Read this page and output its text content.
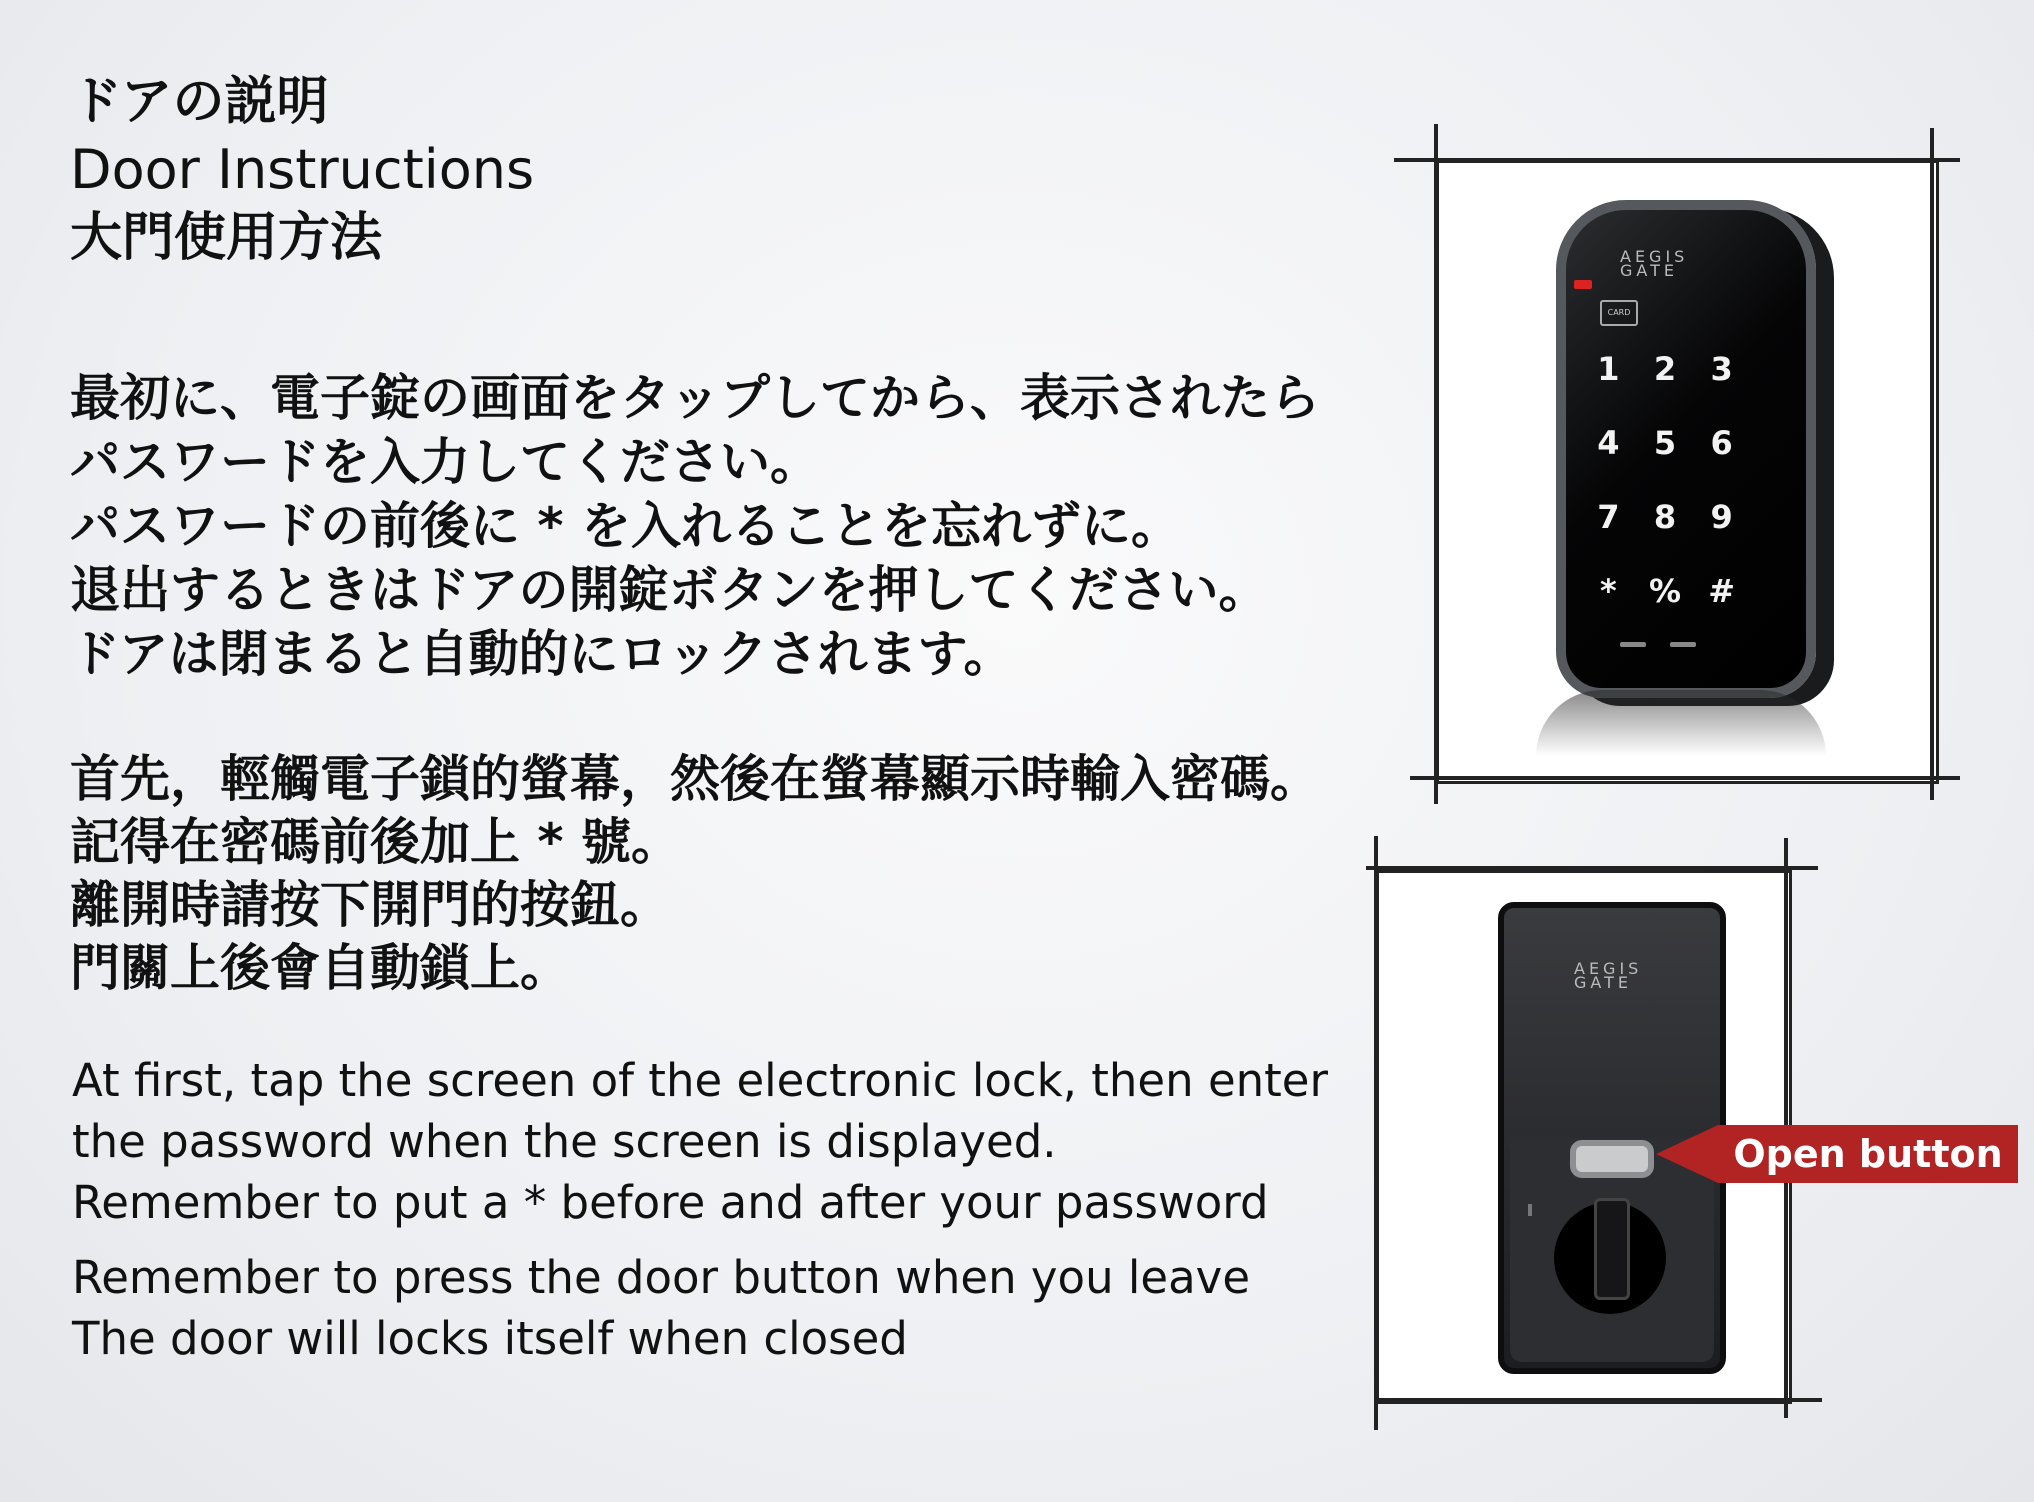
ドアの説明
Door Instructions
大門使用方法
最初に、電子錠の画面をタップしてから、表示されたら
パスワードを入力してください。
パスワードの前後に * を入れることを忘れずに。
退出するときはドアの開錠ボタンを押してください。
ドアは閉まると自動的にロックされます。
首先，輕觸電子鎖的螢幕，然後在螢幕顯示時輸入密碼。
記得在密碼前後加上 * 號。
離開時請按下開門的按鈕。
門關上後會自動鎖上。
At first, tap the screen of the electronic lock, then enter
the password when the screen is displayed.
Remember to put a * before and after your password
Remember to press the door button when you leave
The door will locks itself when closed
AEGIS
GATE
CARD
1	2	3
4	5	6
7	8	9
*	% #
AEGIS
GATE
Open button
